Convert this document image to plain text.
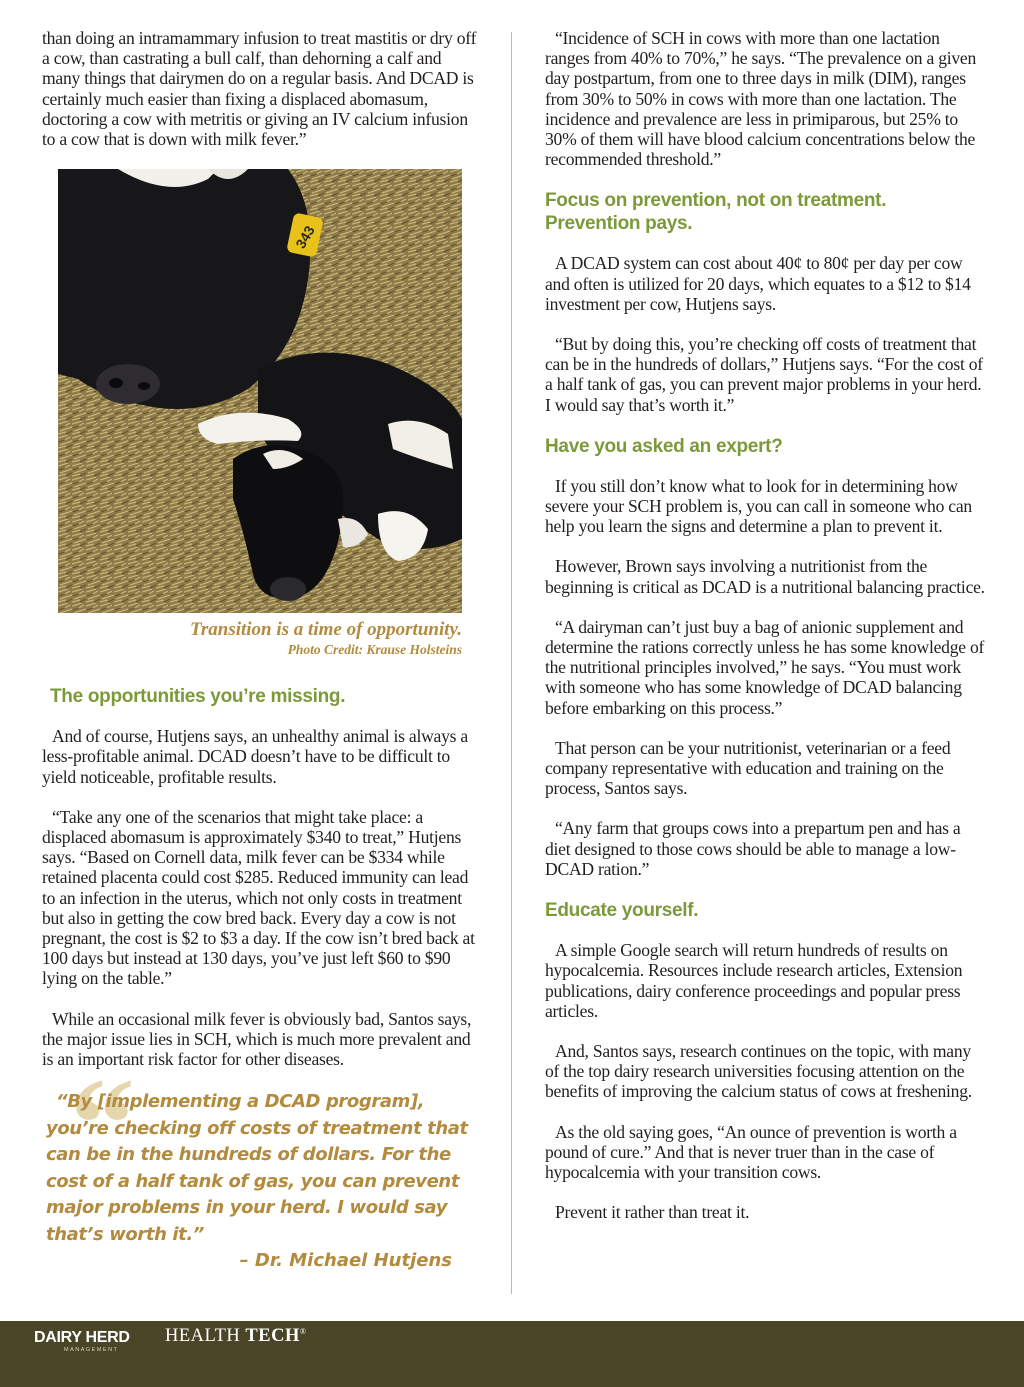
than doing an intramammary infusion to treat mastitis or dry off a cow, than castrating a bull calf, than dehorning a calf and many things that dairymen do on a regular basis. And DCAD is certainly much easier than fixing a displaced abomasum, doctoring a cow with metritis or giving an IV calcium infusion to a cow that is down with milk fever.”

343
Transition is a time of opportunity.
Photo Credit: Krause Holsteins
The opportunities you’re missing.

And of course, Hutjens says, an unhealthy animal is always a less-profitable animal. DCAD doesn’t have to be difficult to yield noticeable, profitable results.

“Take any one of the scenarios that might take place: a displaced abomasum is approximately $340 to treat,” Hutjens says. “Based on Cornell data, milk fever can be $334 while retained placenta could cost $285. Reduced immunity can lead to an infection in the uterus, which not only costs in treatment but also in getting the cow bred back. Every day a cow is not pregnant, the cost is $2 to $3 a day. If the cow isn’t bred back at 100 days but instead at 130 days, you’ve just left $60 to $90 lying on the table.”

While an occasional milk fever is obviously bad, Santos says, the major issue lies in SCH, which is much more prevalent and is an important risk factor for other diseases.

“

“By [implementing a DCAD program], you’re checking off costs of treatment that can be in the hundreds of dollars. For the cost of a half tank of gas, you can prevent major problems in your herd. I would say that’s worth it.”

– Dr. Michael Hutjens

“Incidence of SCH in cows with more than one lactation ranges from 40% to 70%,” he says. “The prevalence on a given day postpartum, from one to three days in milk (DIM), ranges from 30% to 50% in cows with more than one lactation. The incidence and prevalence are less in primiparous, but 25% to 30% of them will have blood calcium concentrations below the recommended threshold.”

Focus on prevention, not on treatment. Prevention pays.

A DCAD system can cost about 40¢ to 80¢ per day per cow and often is utilized for 20 days, which equates to a $12 to $14 investment per cow, Hutjens says.

“But by doing this, you’re checking off costs of treatment that can be in the hundreds of dollars,” Hutjens says. “For the cost of a half tank of gas, you can prevent major problems in your herd. I would say that’s worth it.”

Have you asked an expert?

If you still don’t know what to look for in determining how severe your SCH problem is, you can call in someone who can help you learn the signs and determine a plan to prevent it.

However, Brown says involving a nutritionist from the beginning is critical as DCAD is a nutritional balancing practice.

“A dairyman can’t just buy a bag of anionic supplement and determine the rations correctly unless he has some knowledge of the nutritional principles involved,” he says. “You must work with someone who has some knowledge of DCAD balancing before embarking on this process.”

That person can be your nutritionist, veterinarian or a feed company representative with education and training on the process, Santos says.

“Any farm that groups cows into a prepartum pen and has a diet designed to those cows should be able to manage a low-DCAD ration.”

Educate yourself.

A simple Google search will return hundreds of results on hypocalcemia. Resources include research articles, Extension publications, dairy conference proceedings and popular press articles.

And, Santos says, research continues on the topic, with many of the top dairy research universities focusing attention on the benefits of improving the calcium status of cows at freshening.

As the old saying goes, “An ounce of prevention is worth a pound of cure.” And that is never truer than in the case of hypocalcemia with your transition cows.

Prevent it rather than treat it.

DAIRY HERD
MANAGEMENT
HEALTH TECH®
